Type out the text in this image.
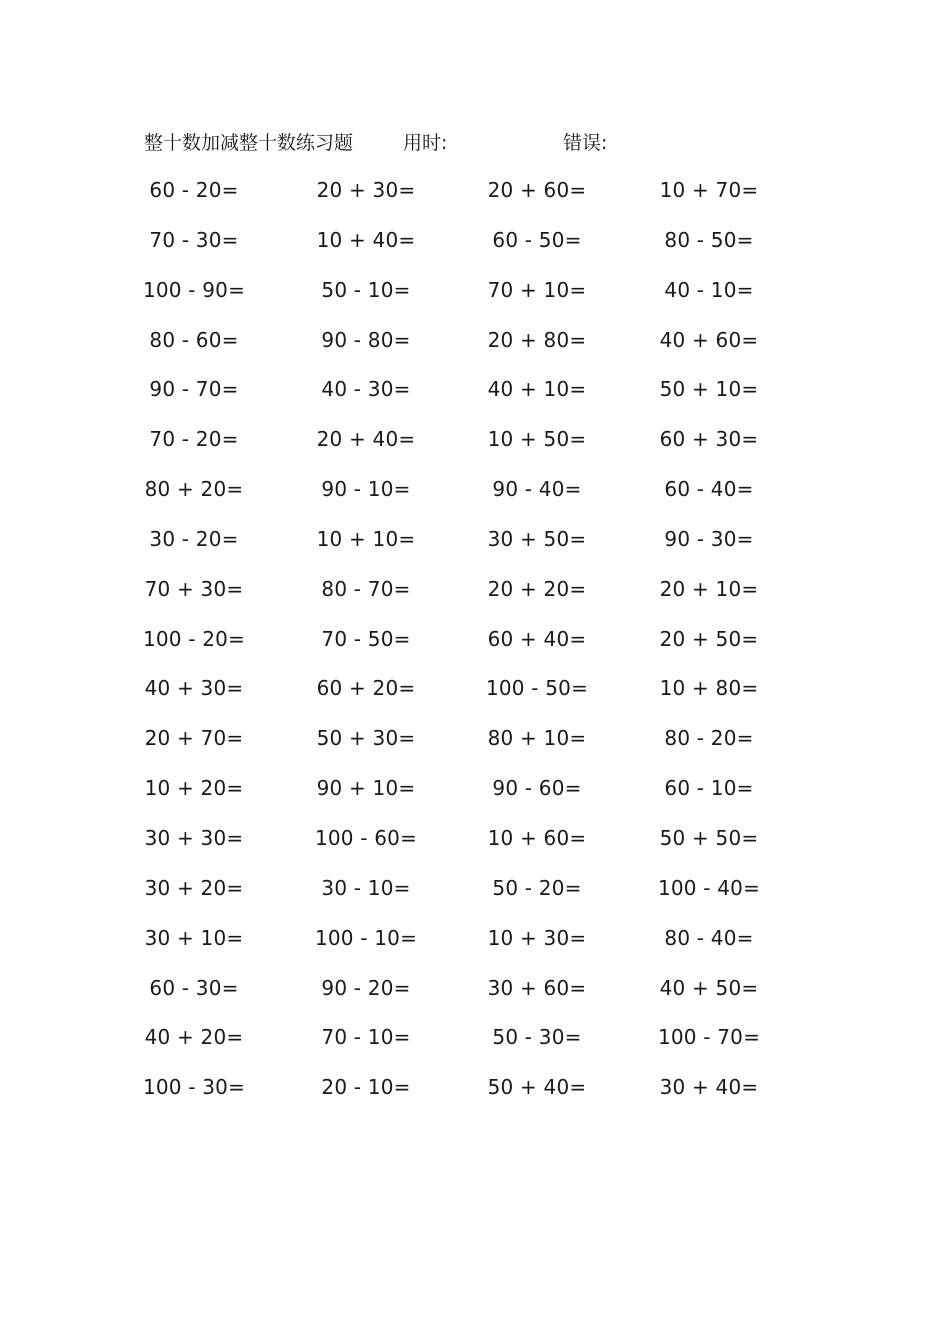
整十数加减整十数练习题	用时:	错误:
60 - 20=	20 + 30=	20 + 60=	10 + 70=
70 - 30=	10 + 40=	60 - 50=	80 - 50=
100 - 90=	50 - 10=	70 + 10=	40 - 10=
80 - 60=	90 - 80=	20 + 80=	40 + 60=
90 - 70=	40 - 30=	40 + 10=	50 + 10=
70 - 20=	20 + 40=	10 + 50=	60 + 30=
80 + 20=	90 - 10=	90 - 40=	60 - 40=
30 - 20=	10 + 10=	30 + 50=	90 - 30=
70 + 30=	80 - 70=	20 + 20=	20 + 10=
100 - 20=	70 - 50=	60 + 40=	20 + 50=
40 + 30=	60 + 20=	100 - 50=	10 + 80=
20 + 70=	50 + 30=	80 + 10=	80 - 20=
10 + 20=	90 + 10=	90 - 60=	60 - 10=
30 + 30=	100 - 60=	10 + 60=	50 + 50=
30 + 20=	30 - 10=	50 - 20=	100 - 40=
30 + 10=	100 - 10=	10 + 30=	80 - 40=
60 - 30=	90 - 20=	30 + 60=	40 + 50=
40 + 20=	70 - 10=	50 - 30=	100 - 70=
100 - 30=	20 - 10=	50 + 40=	30 + 40=
